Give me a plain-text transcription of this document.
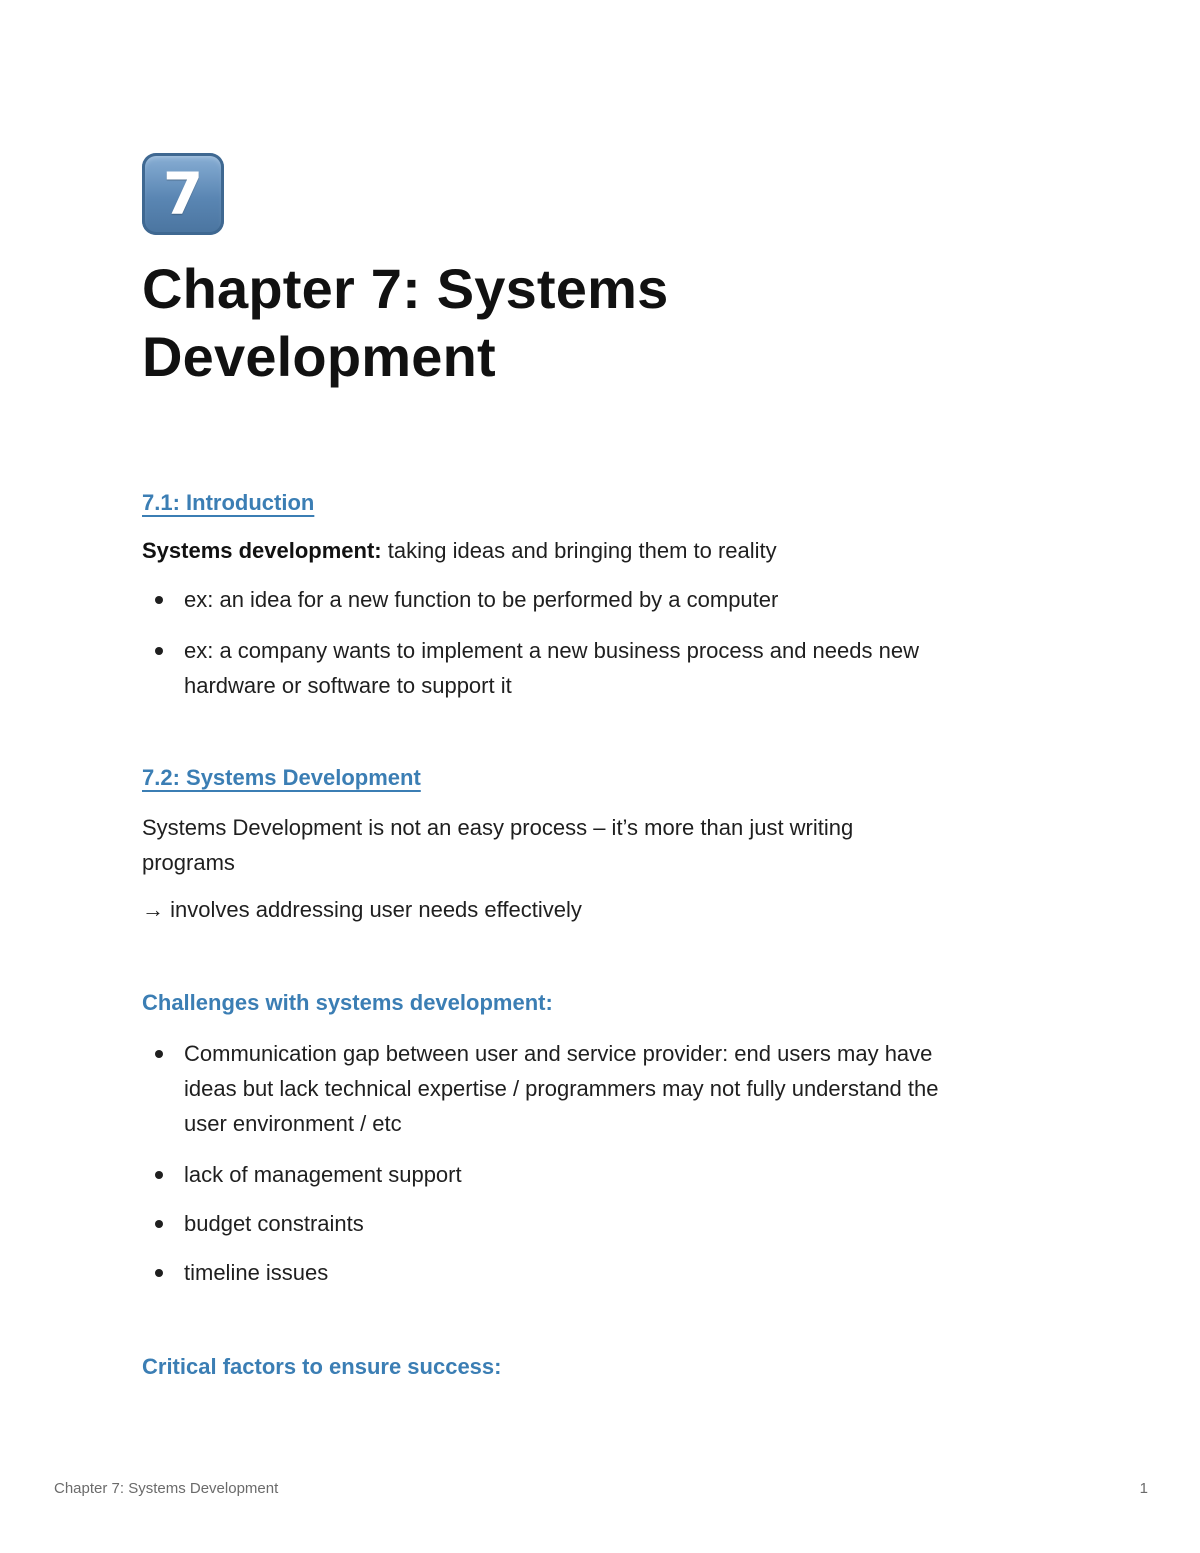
7
Chapter 7: Systems
Development
7.1: Introduction
Systems development: taking ideas and bringing them to reality
ex: an idea for a new function to be performed by a computer
ex: a company wants to implement a new business process and needs new
hardware or software to support it
7.2: Systems Development
Systems Development is not an easy process – it’s more than just writing
programs
→ involves addressing user needs effectively
Challenges with systems development:
Communication gap between user and service provider: end users may have
ideas but lack technical expertise / programmers may not fully understand the
user environment / etc
lack of management support
budget constraints
timeline issues
Critical factors to ensure success:
Chapter 7: Systems Development	1
